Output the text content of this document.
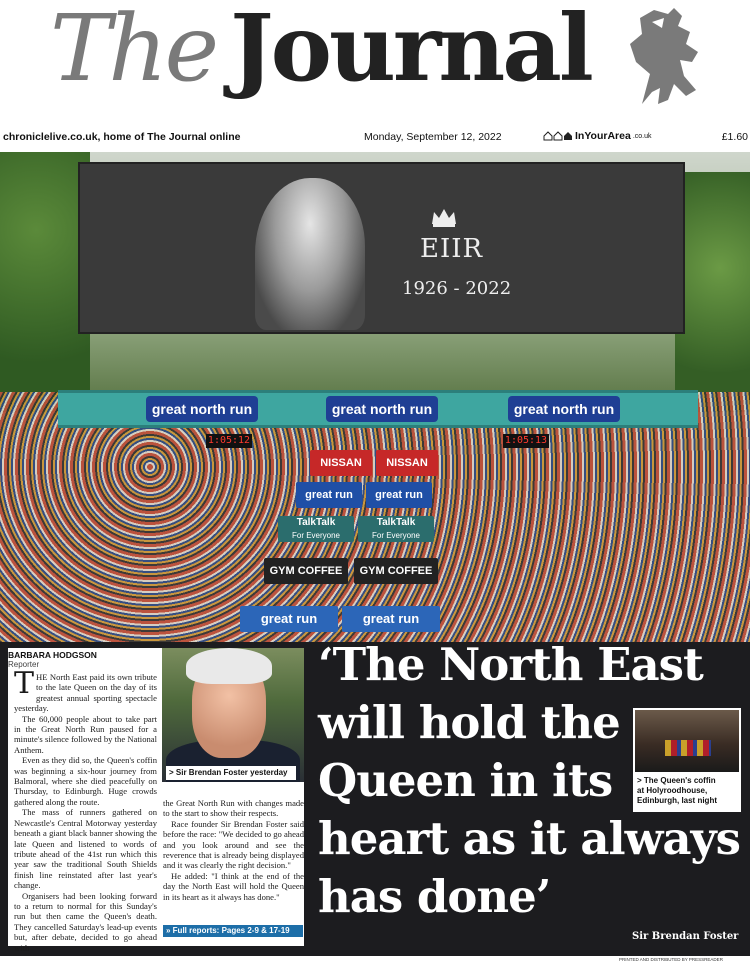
The Journal
chroniclelive.co.uk, home of The Journal online	Monday, September 12, 2022	InYourArea .co.uk	£1.60
EIIR
1926 - 2022
great north run	great north run	great north run
1:05:12	1:05:13
NISSAN	NISSAN
great run	great run
TalkTalk
For Everyone
TalkTalk
For Everyone
GYM COFFEE	GYM COFFEE
great run	great run
BARBARA HODGSON
Reporter

THE North East paid its own tribute to the late Queen on the day of its greatest annual sporting spectacle yesterday.

The 60,000 people about to take part in the Great North Run paused for a minute's silence followed by the National Anthem.

Even as they did so, the Queen's coffin was beginning a six-hour journey from Balmoral, where she died peacefully on Thursday, to Edinburgh. Huge crowds gathered along the route.

The mass of runners gathered on Newcastle's Central Motorway yesterday beneath a giant black banner showing the late Queen and listened to words of tribute ahead of the 41st run which this year saw the traditional South Shields finish line reinstated after last year's change.

Organisers had been looking forward to a return to normal for this Sunday's run but then came the Queen's death. They cancelled Saturday's lead-up events but, after debate, decided to go ahead with

> Sir Brendan Foster yesterday

the Great North Run with changes made to the start to show their respects.

Race founder Sir Brendan Foster said before the race: "We decided to go ahead and you look around and see the reverence that is already being displayed and it was clearly the right decision."

He added: "I think at the end of the day the North East will hold the Queen in its heart as it always has done."

» Full reports: Pages 2-9 & 17-19
‘The North East
will hold the
Queen in its
heart as it always
has done’
Sir Brendan Foster
> The Queen's coffin
at Holyroodhouse,
Edinburgh, last night
PRINTED AND DISTRIBUTED BY PRESSREADER
